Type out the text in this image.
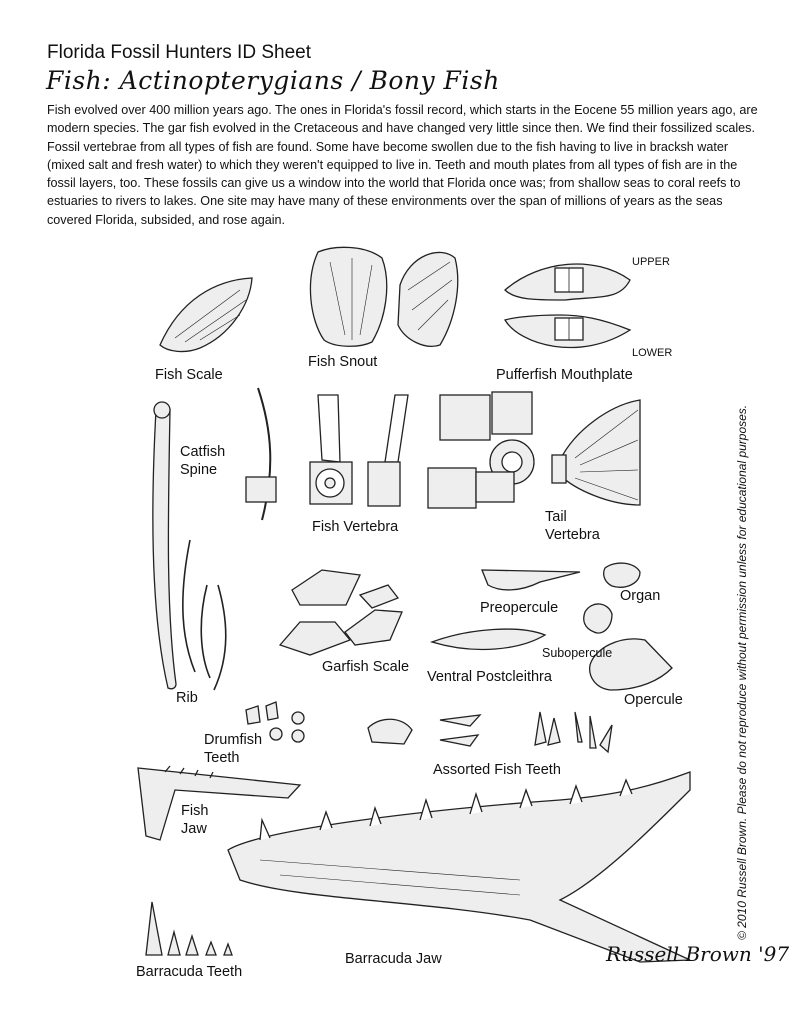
Florida Fossil Hunters ID Sheet
Fish: Actinopterygians / Bony Fish
Fish evolved over 400 million years ago. The ones in Florida's fossil record, which starts in the Eocene 55 million years ago, are modern species. The gar fish evolved in the Cretaceous and have changed very little since then. We find their fossilized scales. Fossil vertebrae from all types of fish are found. Some have become swollen due to the fish having to live in bracksh water (mixed salt and fresh water) to which they weren't equipped to live in. Teeth and mouth plates from all types of fish are in the fossil layers, too. These fossils can give us a window into the world that Florida once was; from shallow seas to coral reefs to estuaries to rivers to lakes. One site may have many of these environments over the span of millions of years as the seas covered Florida, subsided, and rose again.
Fish Scale
Fish Snout
Pufferfish Mouthplate
UPPER
LOWER
Catfish
Spine
Fish Vertebra
Tail
Vertebra
Preopercule
Organ
Garfish Scale
Subopercule
Ventral Postcleithra
Opercule
Rib
Drumfish
Teeth
Assorted Fish Teeth
Fish
Jaw
Barracuda Jaw
Barracuda Teeth
© 2010 Russell Brown. Please do not reproduce without permission unless for educational purposes.
Russell Brown '97
